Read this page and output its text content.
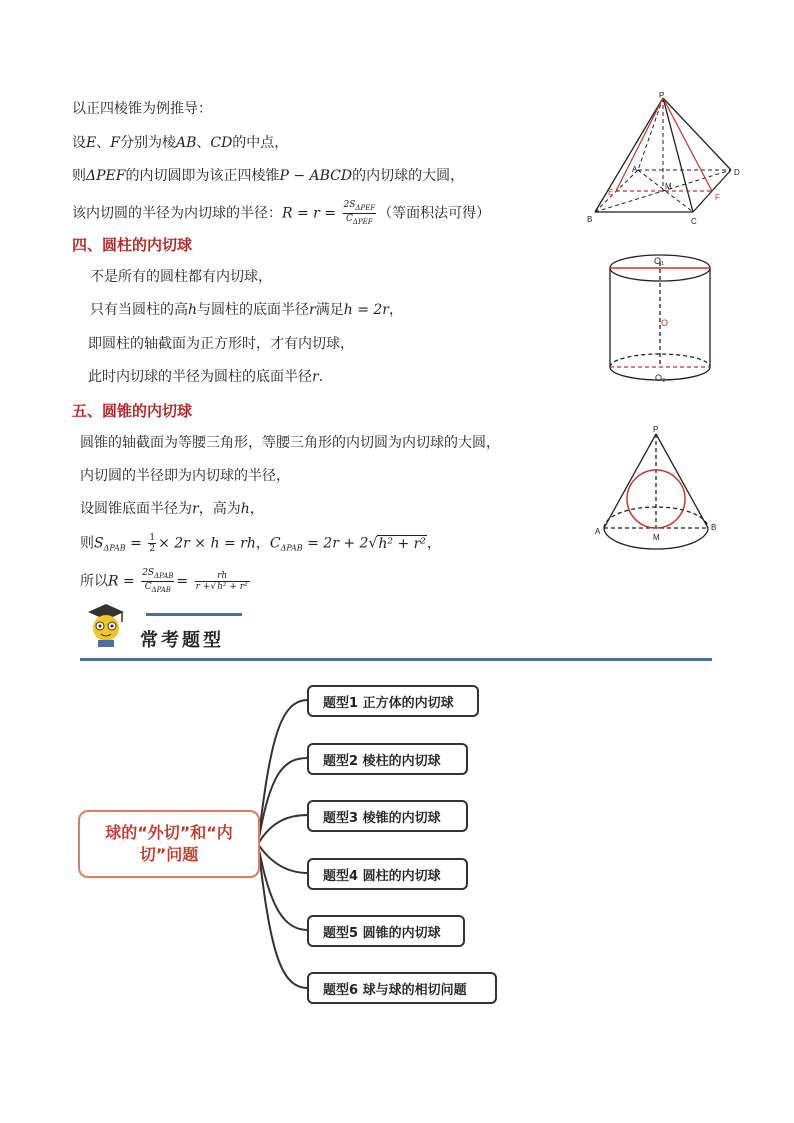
以正四棱锥为例推导：
设E、F分别为棱AB、CD的中点，
则ΔPEF的内切圆即为该正四棱锥P − ABCD的内切球的大圆，
该内切圆的半径为内切球的半径：$R = r = \frac{2S_{\Delta PEF}}{C_{\Delta PEF}}$ （等面积法可得）
P
A
B	C
D
E
F
M
四、圆柱的内切球
不是所有的圆柱都有内切球，
只有当圆柱的高h与圆柱的底面半径r满足h = 2r，
即圆柱的轴截面为正方形时，才有内切球，
此时内切球的半径为圆柱的底面半径r.
O₁
O
O₂
五、圆锥的内切球
圆锥的轴截面为等腰三角形，等腰三角形的内切圆为内切球的大圆，
内切圆的半径即为内切球的半径，
设圆锥底面半径为r，高为h，
则$S_{\Delta PAB} = \frac{1}{2} \times 2r \times h$ = rh，$C_{\Delta PAB} = 2r + 2√h^2 + r^2$，
所以$R = \frac{2S_{\Delta PAB}}{C_{\Delta PAB}} = \frac{rh}{\text{r +√h² + r²}}$
P
A	B
M
常考题型
球的“外切”和“内切”问题
题型1 正方体的内切球
题型2 棱柱的内切球
题型3 棱锥的内切球
题型4 圆柱的内切球
题型5 圆锥的内切球
题型6 球与球的相切问题
